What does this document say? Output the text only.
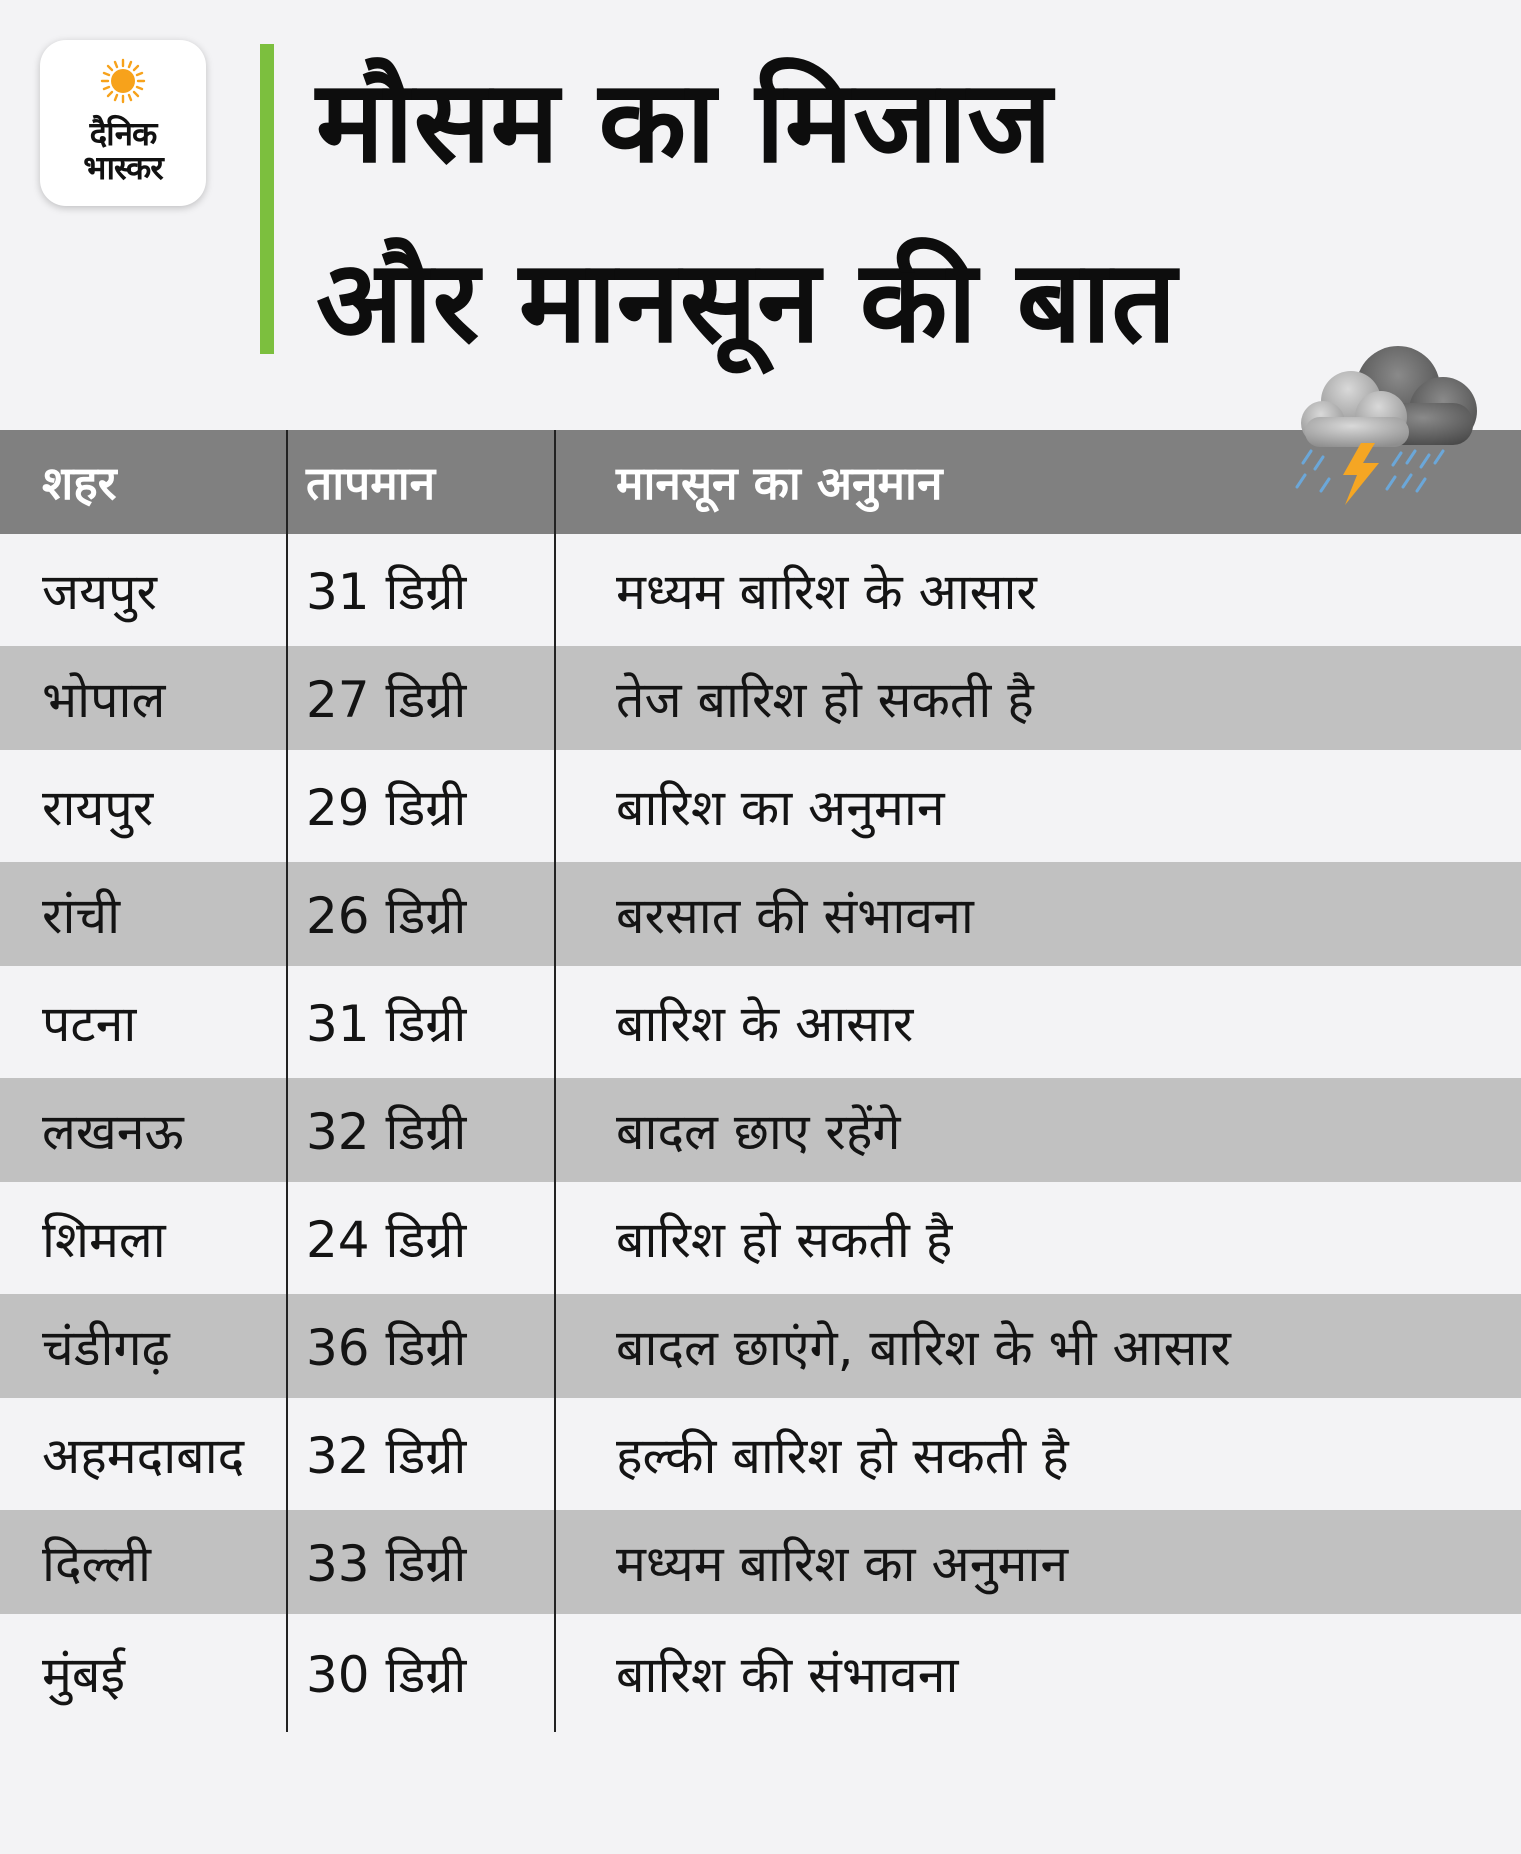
दैनिक
भास्कर	मौसम का मिजाज
और मानसून की बात
शहर	तापमान	मानसून का अनुमान
जयपुर	31 डिग्री	मध्यम बारिश के आसार
भोपाल	27 डिग्री	तेज बारिश हो सकती है
रायपुर	29 डिग्री	बारिश का अनुमान
रांची	26 डिग्री	बरसात की संभावना
पटना	31 डिग्री	बारिश के आसार
लखनऊ	32 डिग्री	बादल छाए रहेंगे
शिमला	24 डिग्री	बारिश हो सकती है
चंडीगढ़	36 डिग्री	बादल छाएंगे, बारिश के भी आसार
अहमदाबाद	32 डिग्री	हल्की बारिश हो सकती है
दिल्ली	33 डिग्री	मध्यम बारिश का अनुमान
मुंबई	30 डिग्री	बारिश की संभावना
